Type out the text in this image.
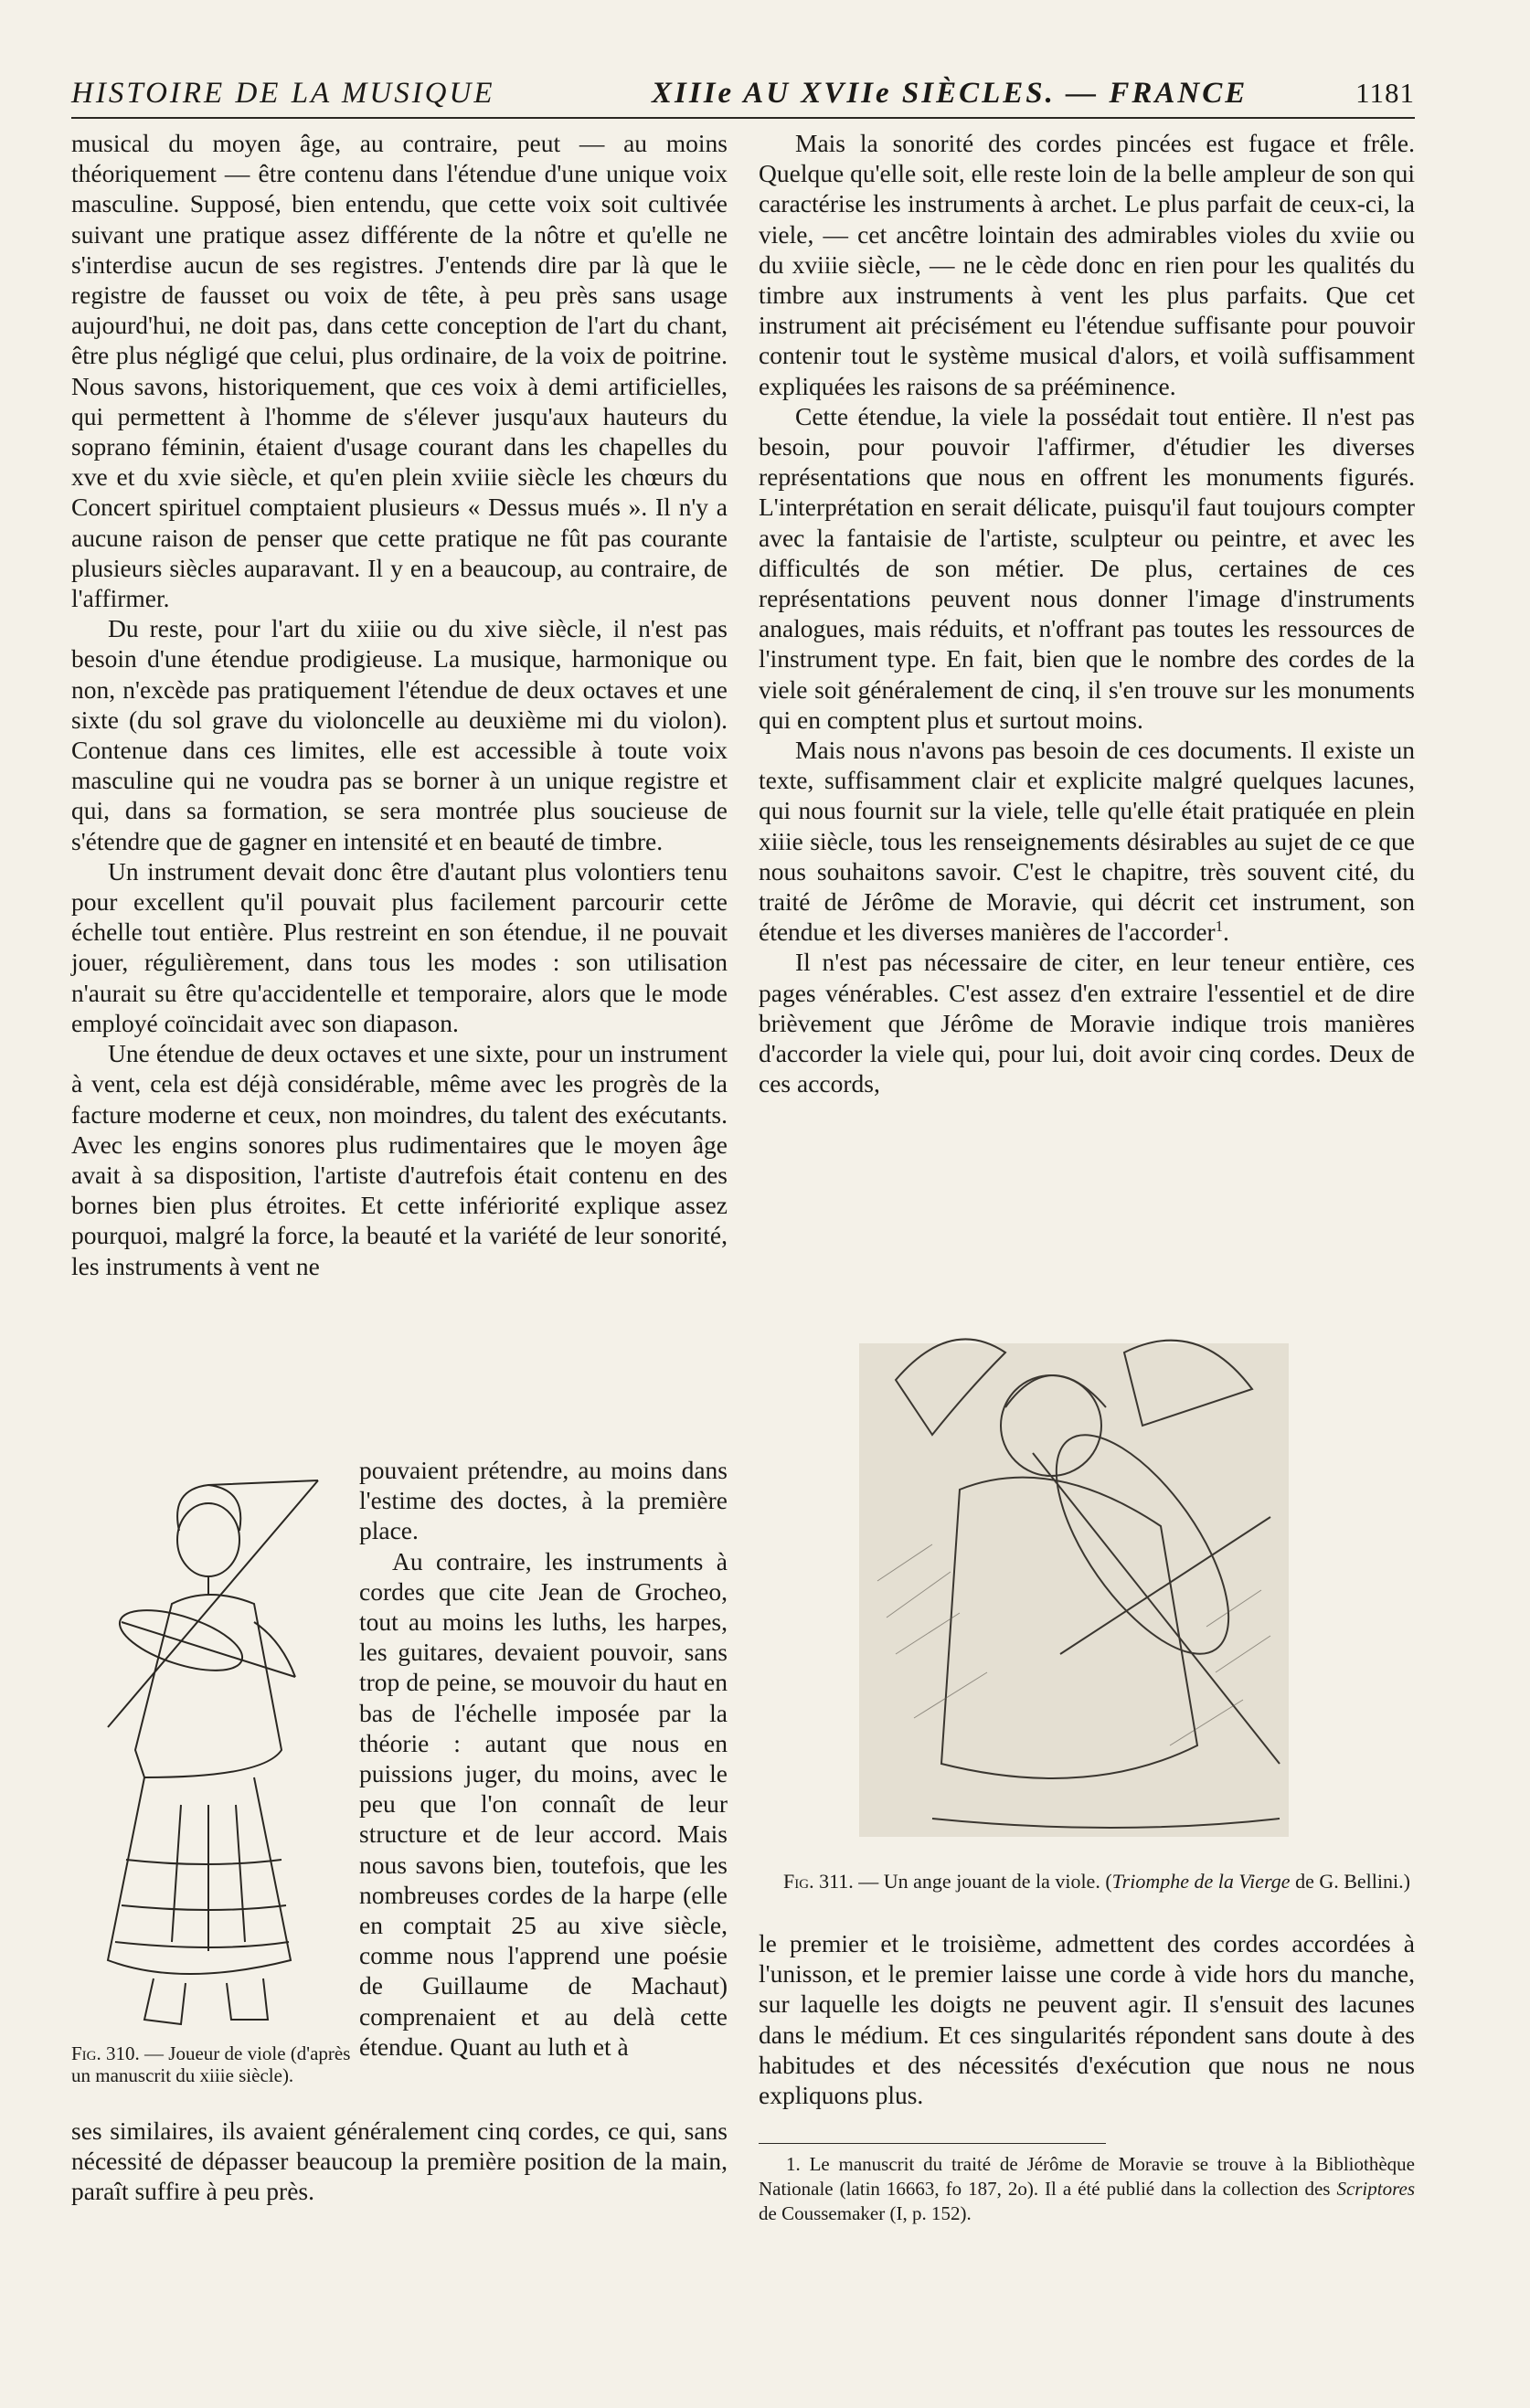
HISTOIRE DE LA MUSIQUE	XIIIe AU XVIIe SIÈCLES. — FRANCE	1181

musical du moyen âge, au contraire, peut — au moins théoriquement — être contenu dans l'étendue d'une unique voix masculine. Supposé, bien entendu, que cette voix soit cultivée suivant une pratique assez différente de la nôtre et qu'elle ne s'interdise aucun de ses registres. J'entends dire par là que le registre de fausset ou voix de tête, à peu près sans usage aujourd'hui, ne doit pas, dans cette conception de l'art du chant, être plus négligé que celui, plus ordinaire, de la voix de poitrine. Nous savons, historiquement, que ces voix à demi artificielles, qui permettent à l'homme de s'élever jusqu'aux hauteurs du soprano féminin, étaient d'usage courant dans les chapelles du xve et du xvie siècle, et qu'en plein xviiie siècle les chœurs du Concert spirituel comptaient plusieurs « Dessus mués ». Il n'y a aucune raison de penser que cette pratique ne fût pas courante plusieurs siècles auparavant. Il y en a beaucoup, au contraire, de l'affirmer.

Du reste, pour l'art du xiiie ou du xive siècle, il n'est pas besoin d'une étendue prodigieuse. La musique, harmonique ou non, n'excède pas pratiquement l'étendue de deux octaves et une sixte (du sol grave du violoncelle au deuxième mi du violon). Contenue dans ces limites, elle est accessible à toute voix masculine qui ne voudra pas se borner à un unique registre et qui, dans sa formation, se sera montrée plus soucieuse de s'étendre que de gagner en intensité et en beauté de timbre.

Un instrument devait donc être d'autant plus volontiers tenu pour excellent qu'il pouvait plus facilement parcourir cette échelle tout entière. Plus restreint en son étendue, il ne pouvait jouer, régulièrement, dans tous les modes : son utilisation n'aurait su être qu'accidentelle et temporaire, alors que le mode employé coïncidait avec son diapason.

Une étendue de deux octaves et une sixte, pour un instrument à vent, cela est déjà considérable, même avec les progrès de la facture moderne et ceux, non moindres, du talent des exécutants. Avec les engins sonores plus rudimentaires que le moyen âge avait à sa disposition, l'artiste d'autrefois était contenu en des bornes bien plus étroites. Et cette infériorité explique assez pourquoi, malgré la force, la beauté et la variété de leur sonorité, les instruments à vent ne

pouvaient prétendre, au moins dans l'estime des doctes, à la première place.

Au contraire, les instruments à cordes que cite Jean de Grocheo, tout au moins les luths, les harpes, les guitares, devaient pouvoir, sans trop de peine, se mouvoir du haut en bas de l'échelle imposée par la théorie : autant que nous en puissions juger, du moins, avec le peu que l'on connaît de leur structure et de leur accord. Mais nous savons bien, toutefois, que les nombreuses cordes de la harpe (elle en comptait 25 au xive siècle, comme nous l'apprend une poésie de Guillaume de Machaut) comprenaient et au delà cette étendue. Quant au luth et à

Fig. 310. — Joueur de viole (d'après un manuscrit du xiiie siècle).

ses similaires, ils avaient généralement cinq cordes, ce qui, sans nécessité de dépasser beaucoup la première position de la main, paraît suffire à peu près.

Mais la sonorité des cordes pincées est fugace et frêle. Quelque qu'elle soit, elle reste loin de la belle ampleur de son qui caractérise les instruments à archet. Le plus parfait de ceux-ci, la viele, — cet ancêtre lointain des admirables violes du xviie ou du xviiie siècle, — ne le cède donc en rien pour les qualités du timbre aux instruments à vent les plus parfaits. Que cet instrument ait précisément eu l'étendue suffisante pour pouvoir contenir tout le système musical d'alors, et voilà suffisamment expliquées les raisons de sa prééminence.

Cette étendue, la viele la possédait tout entière. Il n'est pas besoin, pour pouvoir l'affirmer, d'étudier les diverses représentations que nous en offrent les monuments figurés. L'interprétation en serait délicate, puisqu'il faut toujours compter avec la fantaisie de l'artiste, sculpteur ou peintre, et avec les difficultés de son métier. De plus, certaines de ces représentations peuvent nous donner l'image d'instruments analogues, mais réduits, et n'offrant pas toutes les ressources de l'instrument type. En fait, bien que le nombre des cordes de la viele soit généralement de cinq, il s'en trouve sur les monuments qui en comptent plus et surtout moins.

Mais nous n'avons pas besoin de ces documents. Il existe un texte, suffisamment clair et explicite malgré quelques lacunes, qui nous fournit sur la viele, telle qu'elle était pratiquée en plein xiiie siècle, tous les renseignements désirables au sujet de ce que nous souhaitons savoir. C'est le chapitre, très souvent cité, du traité de Jérôme de Moravie, qui décrit cet instrument, son étendue et les diverses manières de l'accorder$^1$.

Il n'est pas nécessaire de citer, en leur teneur entière, ces pages vénérables. C'est assez d'en extraire l'essentiel et de dire brièvement que Jérôme de Moravie indique trois manières d'accorder la viele qui, pour lui, doit avoir cinq cordes. Deux de ces accords,

Fig. 311. — Un ange jouant de la viole. (Triomphe de la Vierge de G. Bellini.)

le premier et le troisième, admettent des cordes accordées à l'unisson, et le premier laisse une corde à vide hors du manche, sur laquelle les doigts ne peuvent agir. Il s'ensuit des lacunes dans le médium. Et ces singularités répondent sans doute à des habitudes et des nécessités d'exécution que nous ne nous expliquons plus.

1. Le manuscrit du traité de Jérôme de Moravie se trouve à la Bibliothèque Nationale (latin 16663, fo 187, 2o). Il a été publié dans la collection des Scriptores de Coussemaker (I, p. 152).
